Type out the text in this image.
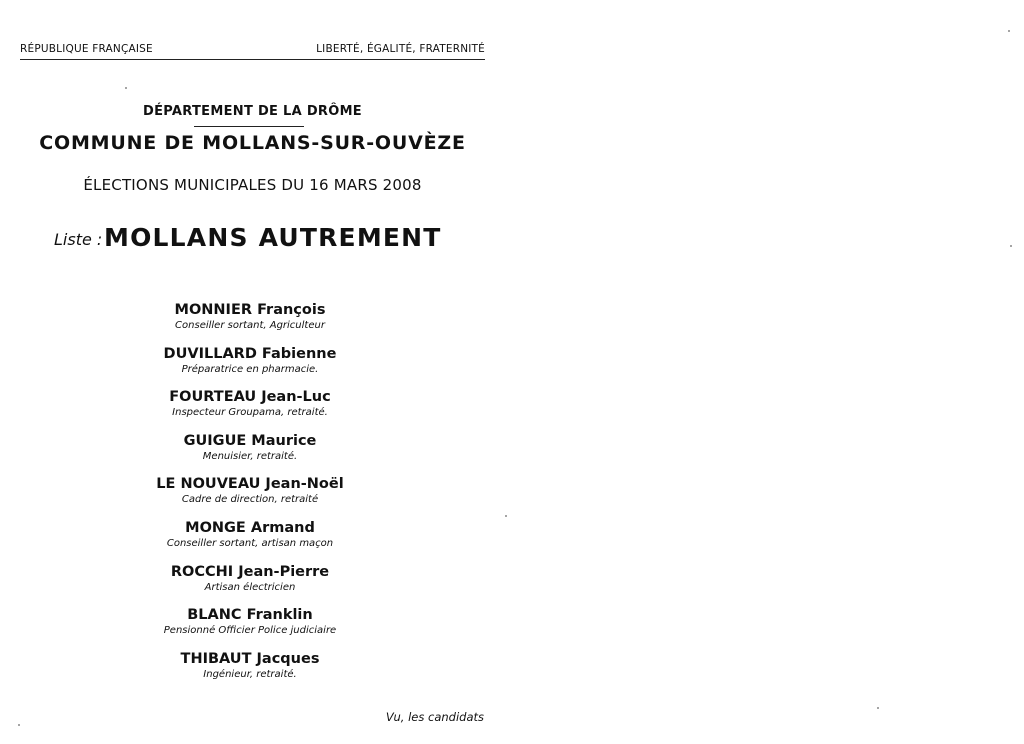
RÉPUBLIQUE FRANÇAISE	LIBERTÉ, ÉGALITÉ, FRATERNITÉ
DÉPARTEMENT DE LA DRÔME
COMMUNE DE MOLLANS-SUR-OUVÈZE
ÉLECTIONS MUNICIPALES DU 16 MARS 2008
Liste : MOLLANS AUTREMENT
MONNIER François
Conseiller sortant, Agriculteur
DUVILLARD Fabienne
Préparatrice en pharmacie.
FOURTEAU Jean-Luc
Inspecteur Groupama, retraité.
GUIGUE Maurice
Menuisier, retraité.
LE NOUVEAU Jean-Noël
Cadre de direction, retraité
MONGE Armand
Conseiller sortant, artisan maçon
ROCCHI Jean-Pierre
Artisan électricien
BLANC Franklin
Pensionné Officier Police judiciaire
THIBAUT Jacques
Ingénieur, retraité.
Vu, les candidats
